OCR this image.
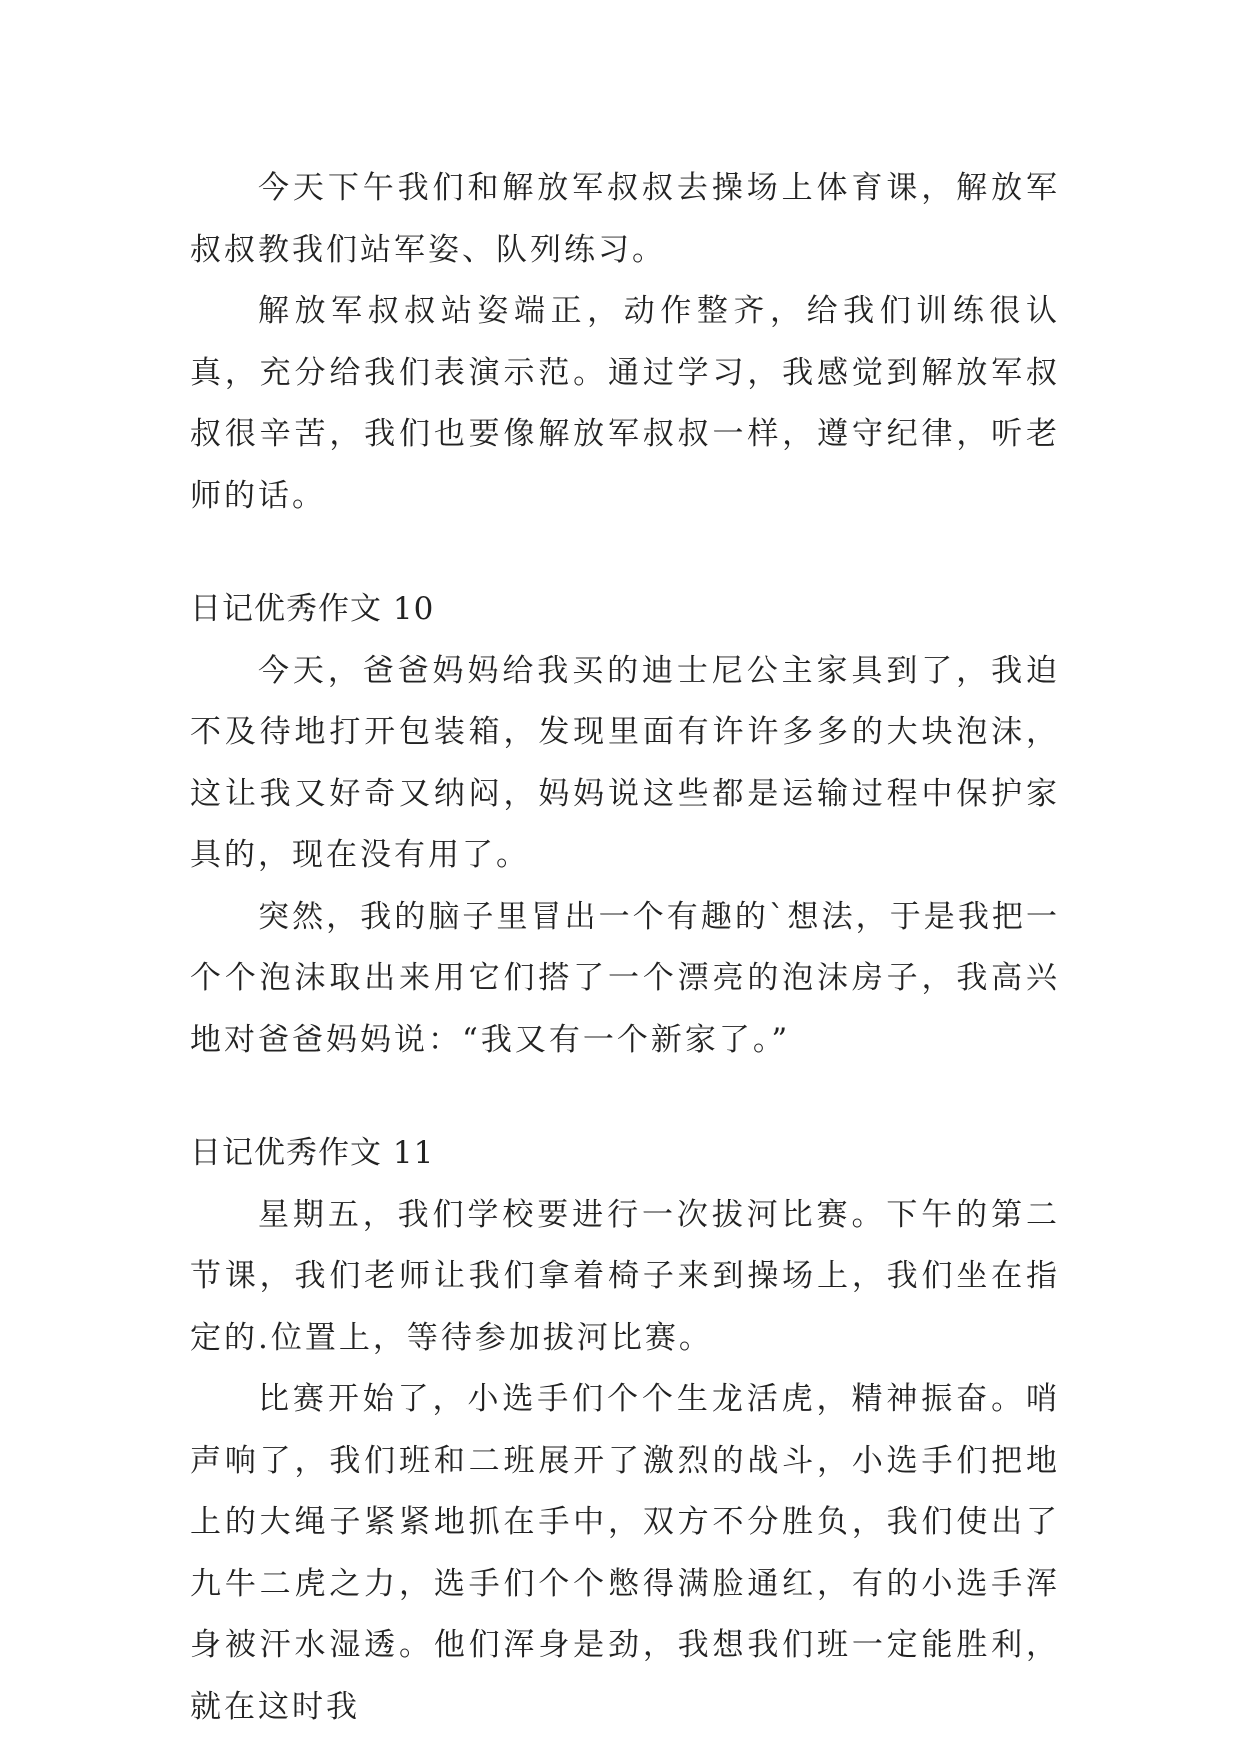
今天下午我们和解放军叔叔去操场上体育课，解放军叔叔教我们站军姿、队列练习。

解放军叔叔站姿端正，动作整齐，给我们训练很认真，充分给我们表演示范。通过学习，我感觉到解放军叔叔很辛苦，我们也要像解放军叔叔一样，遵守纪律，听老师的话。

日记优秀作文 10

今天，爸爸妈妈给我买的迪士尼公主家具到了，我迫不及待地打开包装箱，发现里面有许许多多的大块泡沫，这让我又好奇又纳闷，妈妈说这些都是运输过程中保护家具的，现在没有用了。

突然，我的脑子里冒出一个有趣的`想法，于是我把一个个泡沫取出来用它们搭了一个漂亮的泡沫房子，我高兴地对爸爸妈妈说：“我又有一个新家了。”

日记优秀作文 11

星期五，我们学校要进行一次拔河比赛。下午的第二节课，我们老师让我们拿着椅子来到操场上，我们坐在指定的.位置上，等待参加拔河比赛。

比赛开始了，小选手们个个生龙活虎，精神振奋。哨声响了，我们班和二班展开了激烈的战斗，小选手们把地上的大绳子紧紧地抓在手中，双方不分胜负，我们使出了九牛二虎之力，选手们个个憋得满脸通红，有的小选手浑身被汗水湿透。他们浑身是劲，我想我们班一定能胜利，就在这时我
